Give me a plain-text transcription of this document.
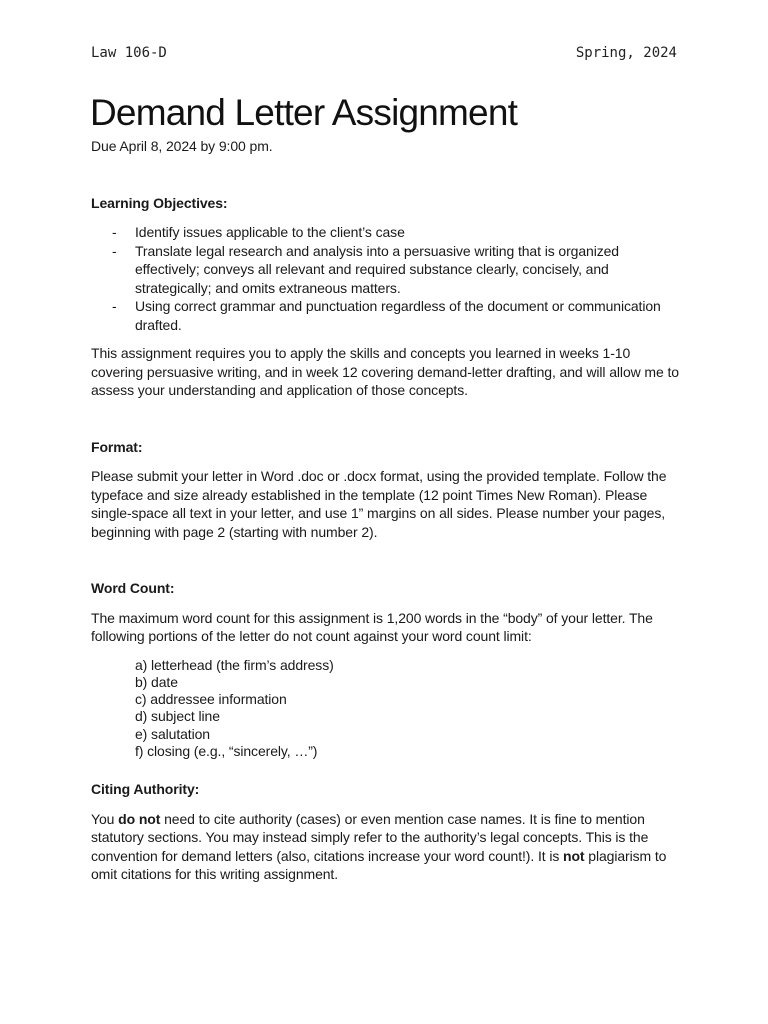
Law 106-D	Spring, 2024
Demand Letter Assignment

Due April 8, 2024 by 9:00 pm.

Learning Objectives:
- Identify issues applicable to the client’s case
- Translate legal research and analysis into a persuasive writing that is organized effectively; conveys all relevant and required substance clearly, concisely, and strategically; and omits extraneous matters.
- Using correct grammar and punctuation regardless of the document or communication drafted.

This assignment requires you to apply the skills and concepts you learned in weeks 1-10 covering persuasive writing, and in week 12 covering demand-letter drafting, and will allow me to assess your understanding and application of those concepts.

Format:

Please submit your letter in Word .doc or .docx format, using the provided template. Follow the typeface and size already established in the template (12 point Times New Roman). Please single-space all text in your letter, and use 1” margins on all sides. Please number your pages, beginning with page 2 (starting with number 2).

Word Count:

The maximum word count for this assignment is 1,200 words in the “body” of your letter. The following portions of the letter do not count against your word count limit:

a) letterhead (the firm’s address)
b) date
c) addressee information
d) subject line
e) salutation
f) closing (e.g., “sincerely, …”)
Citing Authority:

You do not need to cite authority (cases) or even mention case names. It is fine to mention statutory sections. You may instead simply refer to the authority’s legal concepts. This is the convention for demand letters (also, citations increase your word count!). It is not plagiarism to omit citations for this writing assignment.
